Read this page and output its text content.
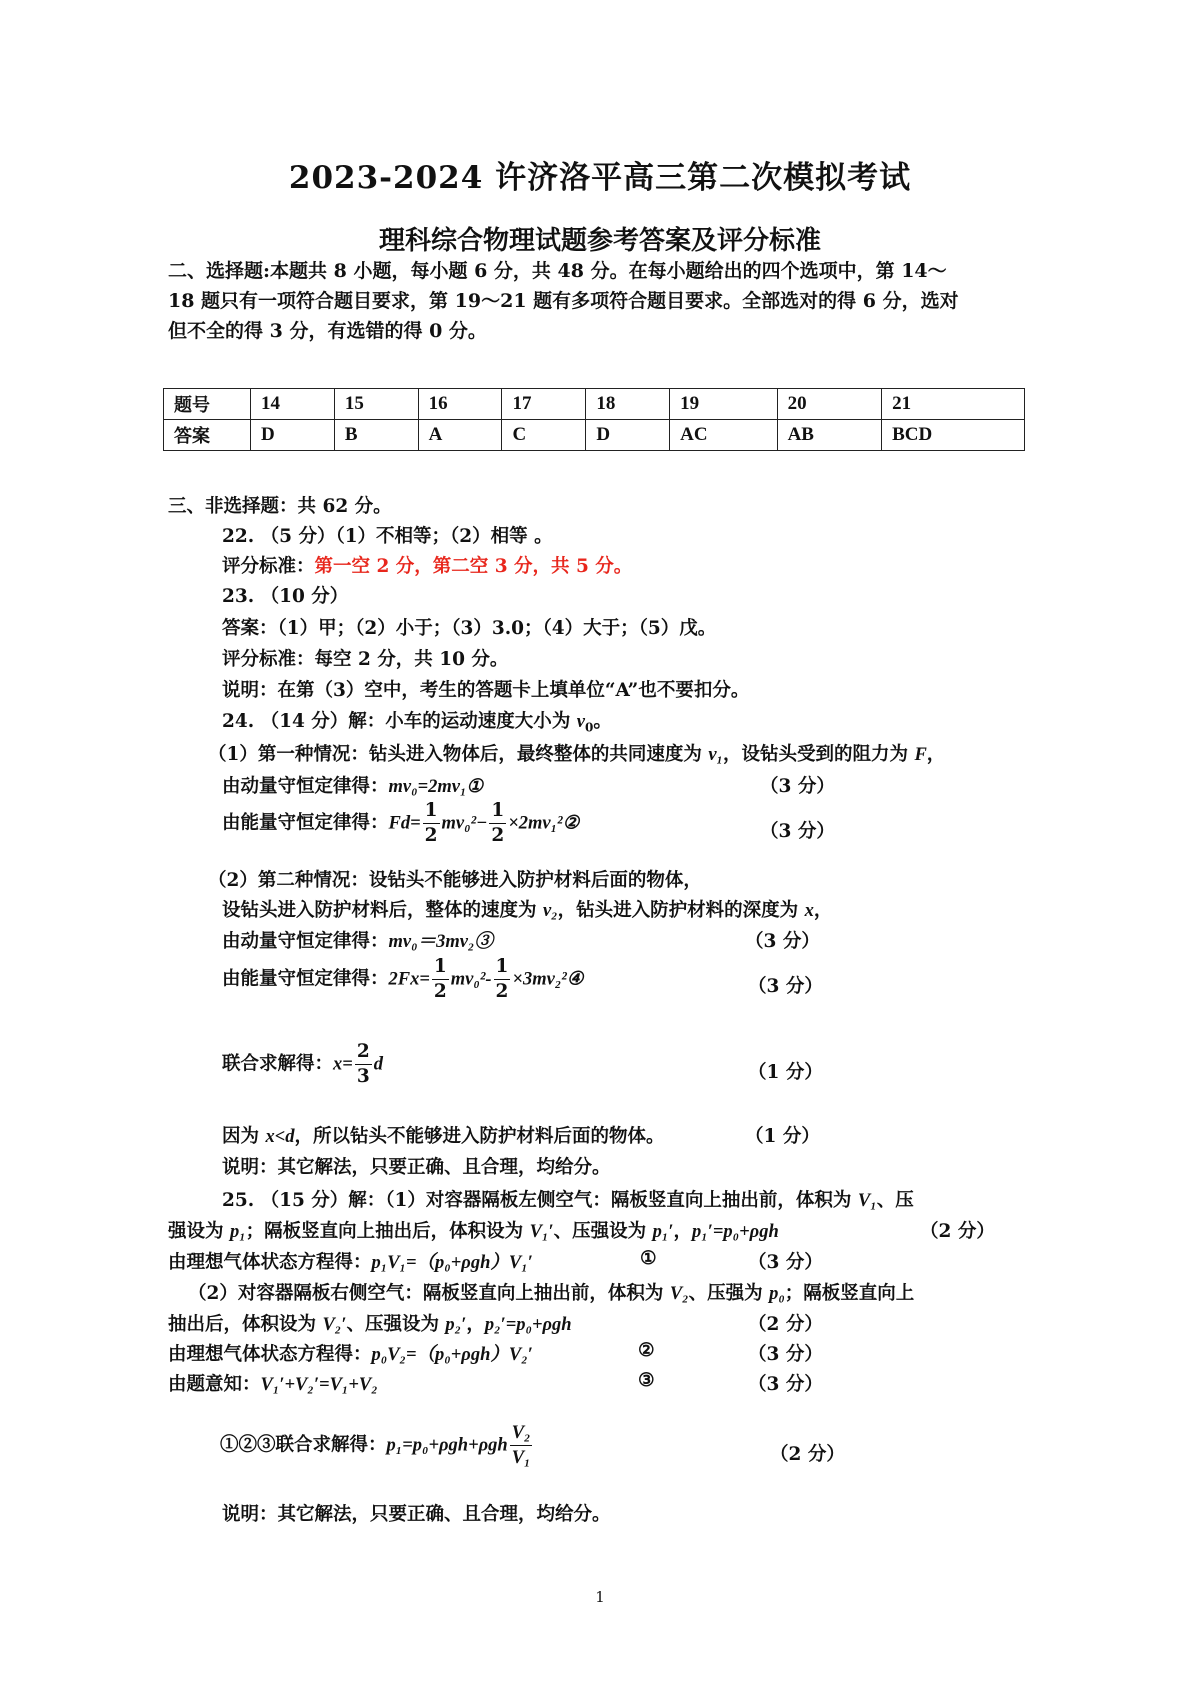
2023-2024 许济洛平高三第二次模拟考试
理科综合物理试题参考答案及评分标准
二、选择题:本题共 8 小题，每小题 6 分，共 48 分。在每小题给出的四个选项中，第 14～
18 题只有一项符合题目要求，第 19～21 题有多项符合题目要求。全部选对的得 6 分，选对
但不全的得 3 分，有选错的得 0 分。
题号	14	15	16	17	18	19	20	21
答案	D	B	A	C	D	AC	AB	BCD
三、非选择题：共 62 分。
22. （5 分）（1）不相等；（2）相等 。
评分标准：第一空 2 分，第二空 3 分，共 5 分。
23. （10 分）
答案：（1）甲；（2）小于；（3）3.0；（4）大于；（5）戊。
评分标准：每空 2 分，共 10 分。
说明：在第（3）空中，考生的答题卡上填单位“A”也不要扣分。
24. （14 分）解：小车的运动速度大小为 $v_0$。
（1）第一种情况：钻头进入物体后，最终整体的共同速度为 v₁，设钻头受到的阻力为 F，
由动量守恒定律得：mv₀=2mv₁①	（3 分）
由能量守恒定律得：$Fd= \frac{1}{2} mv_0^2- \frac{1}{2}$ ×2mv₁²②	（3 分）
（2）第二种情况：设钻头不能够进入防护材料后面的物体，
设钻头进入防护材料后，整体的速度为 v₂，钻头进入防护材料的深度为 x，
由动量守恒定律得：mv₀＝3mv₂③	（3 分）
由能量守恒定律得：$2Fx= \frac{1}{2} mv_0^2- \frac{1}{2}$ ×3mv₂²④	（3 分）
联合求解得：$x= \frac{2}{3}$ d	（1 分）
因为 x<d，所以钻头不能够进入防护材料后面的物体。	（1 分）
说明：其它解法，只要正确、且合理，均给分。
25. （15 分）解：（1）对容器隔板左侧空气：隔板竖直向上抽出前，体积为 V₁、压
强设为 p₁；隔板竖直向上抽出后，体积设为 V₁′、压强设为 p₁′，p₁′=p₀+ρgh	（2 分）
由理想气体状态方程得：p₁V₁=（p₀+ρgh）V₁′	①	（3 分）
（2）对容器隔板右侧空气：隔板竖直向上抽出前，体积为 V₂、压强为 p₀；隔板竖直向上
抽出后，体积设为 V₂′、压强设为 p₂′，p₂′=p₀+ρgh	（2 分）
由理想气体状态方程得：p₀V₂=（p₀+ρgh）V₂′	②	（3 分）
由题意知：V₁′+V₂′=V₁+V₂	③	（3 分）
①②③联合求解得：$p_1=p_0+\rho gh+\rho gh \frac{\text{V₂}}{\text{V₁}}$	（2 分）
说明：其它解法，只要正确、且合理，均给分。
1
